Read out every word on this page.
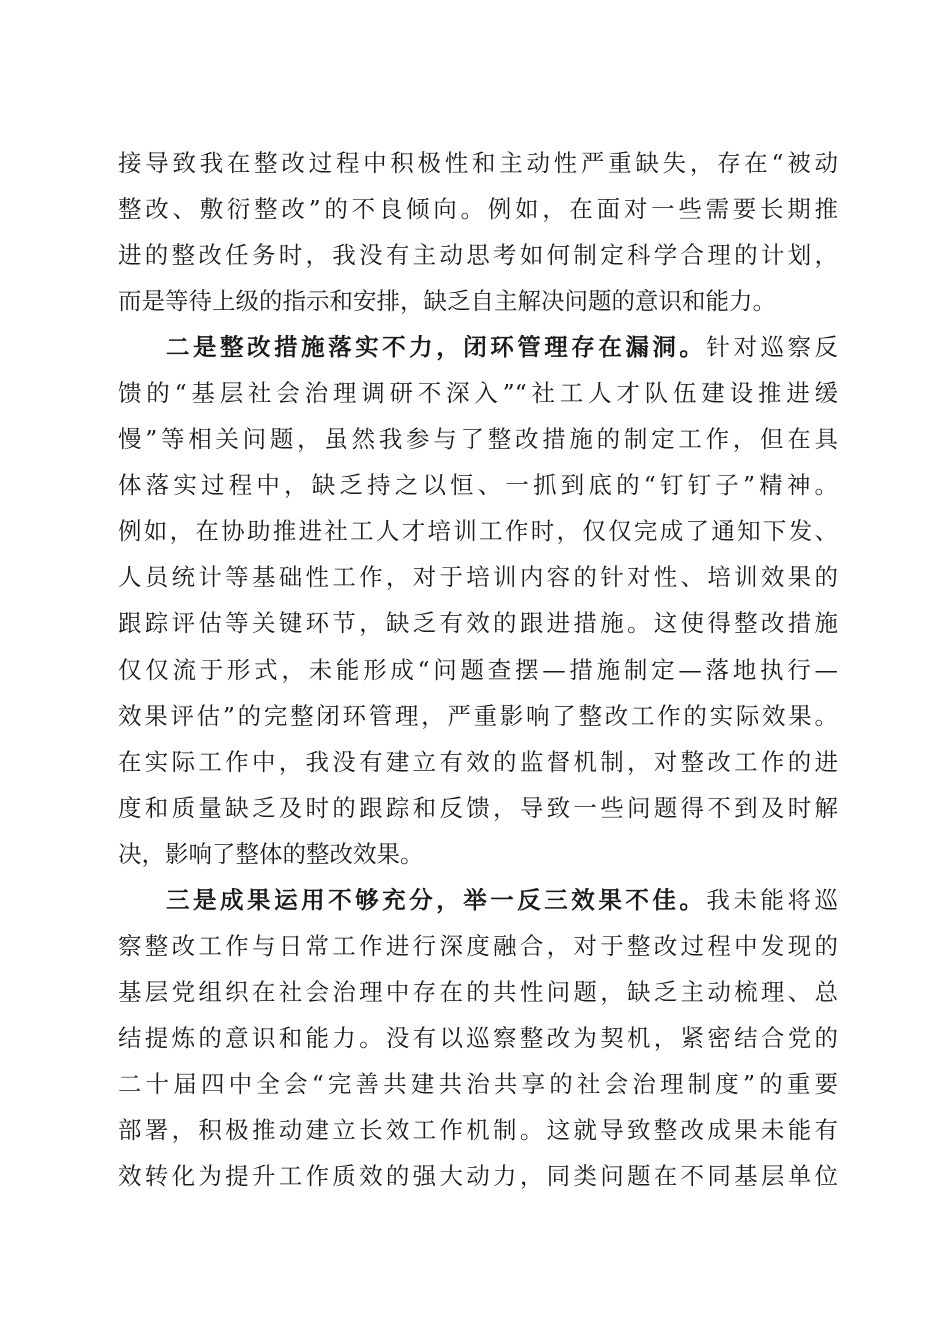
接导致我在整改过程中积极性和主动性严重缺失，存在“被动
整改、敷衍整改”的不良倾向。例如，在面对一些需要长期推
进的整改任务时，我没有主动思考如何制定科学合理的计划，
而是等待上级的指示和安排，缺乏自主解决问题的意识和能力。
二是整改措施落实不力，闭环管理存在漏洞。针对巡察反
馈的“基层社会治理调研不深入”“社工人才队伍建设推进缓
慢”等相关问题，虽然我参与了整改措施的制定工作，但在具
体落实过程中，缺乏持之以恒、一抓到底的“钉钉子”精神。
例如，在协助推进社工人才培训工作时，仅仅完成了通知下发、
人员统计等基础性工作，对于培训内容的针对性、培训效果的
跟踪评估等关键环节，缺乏有效的跟进措施。这使得整改措施
仅仅流于形式，未能形成“问题查摆—措施制定—落地执行—
效果评估”的完整闭环管理，严重影响了整改工作的实际效果。
在实际工作中，我没有建立有效的监督机制，对整改工作的进
度和质量缺乏及时的跟踪和反馈，导致一些问题得不到及时解
决，影响了整体的整改效果。
三是成果运用不够充分，举一反三效果不佳。我未能将巡
察整改工作与日常工作进行深度融合，对于整改过程中发现的
基层党组织在社会治理中存在的共性问题，缺乏主动梳理、总
结提炼的意识和能力。没有以巡察整改为契机，紧密结合党的
二十届四中全会“完善共建共治共享的社会治理制度”的重要
部署，积极推动建立长效工作机制。这就导致整改成果未能有
效转化为提升工作质效的强大动力，同类问题在不同基层单位
